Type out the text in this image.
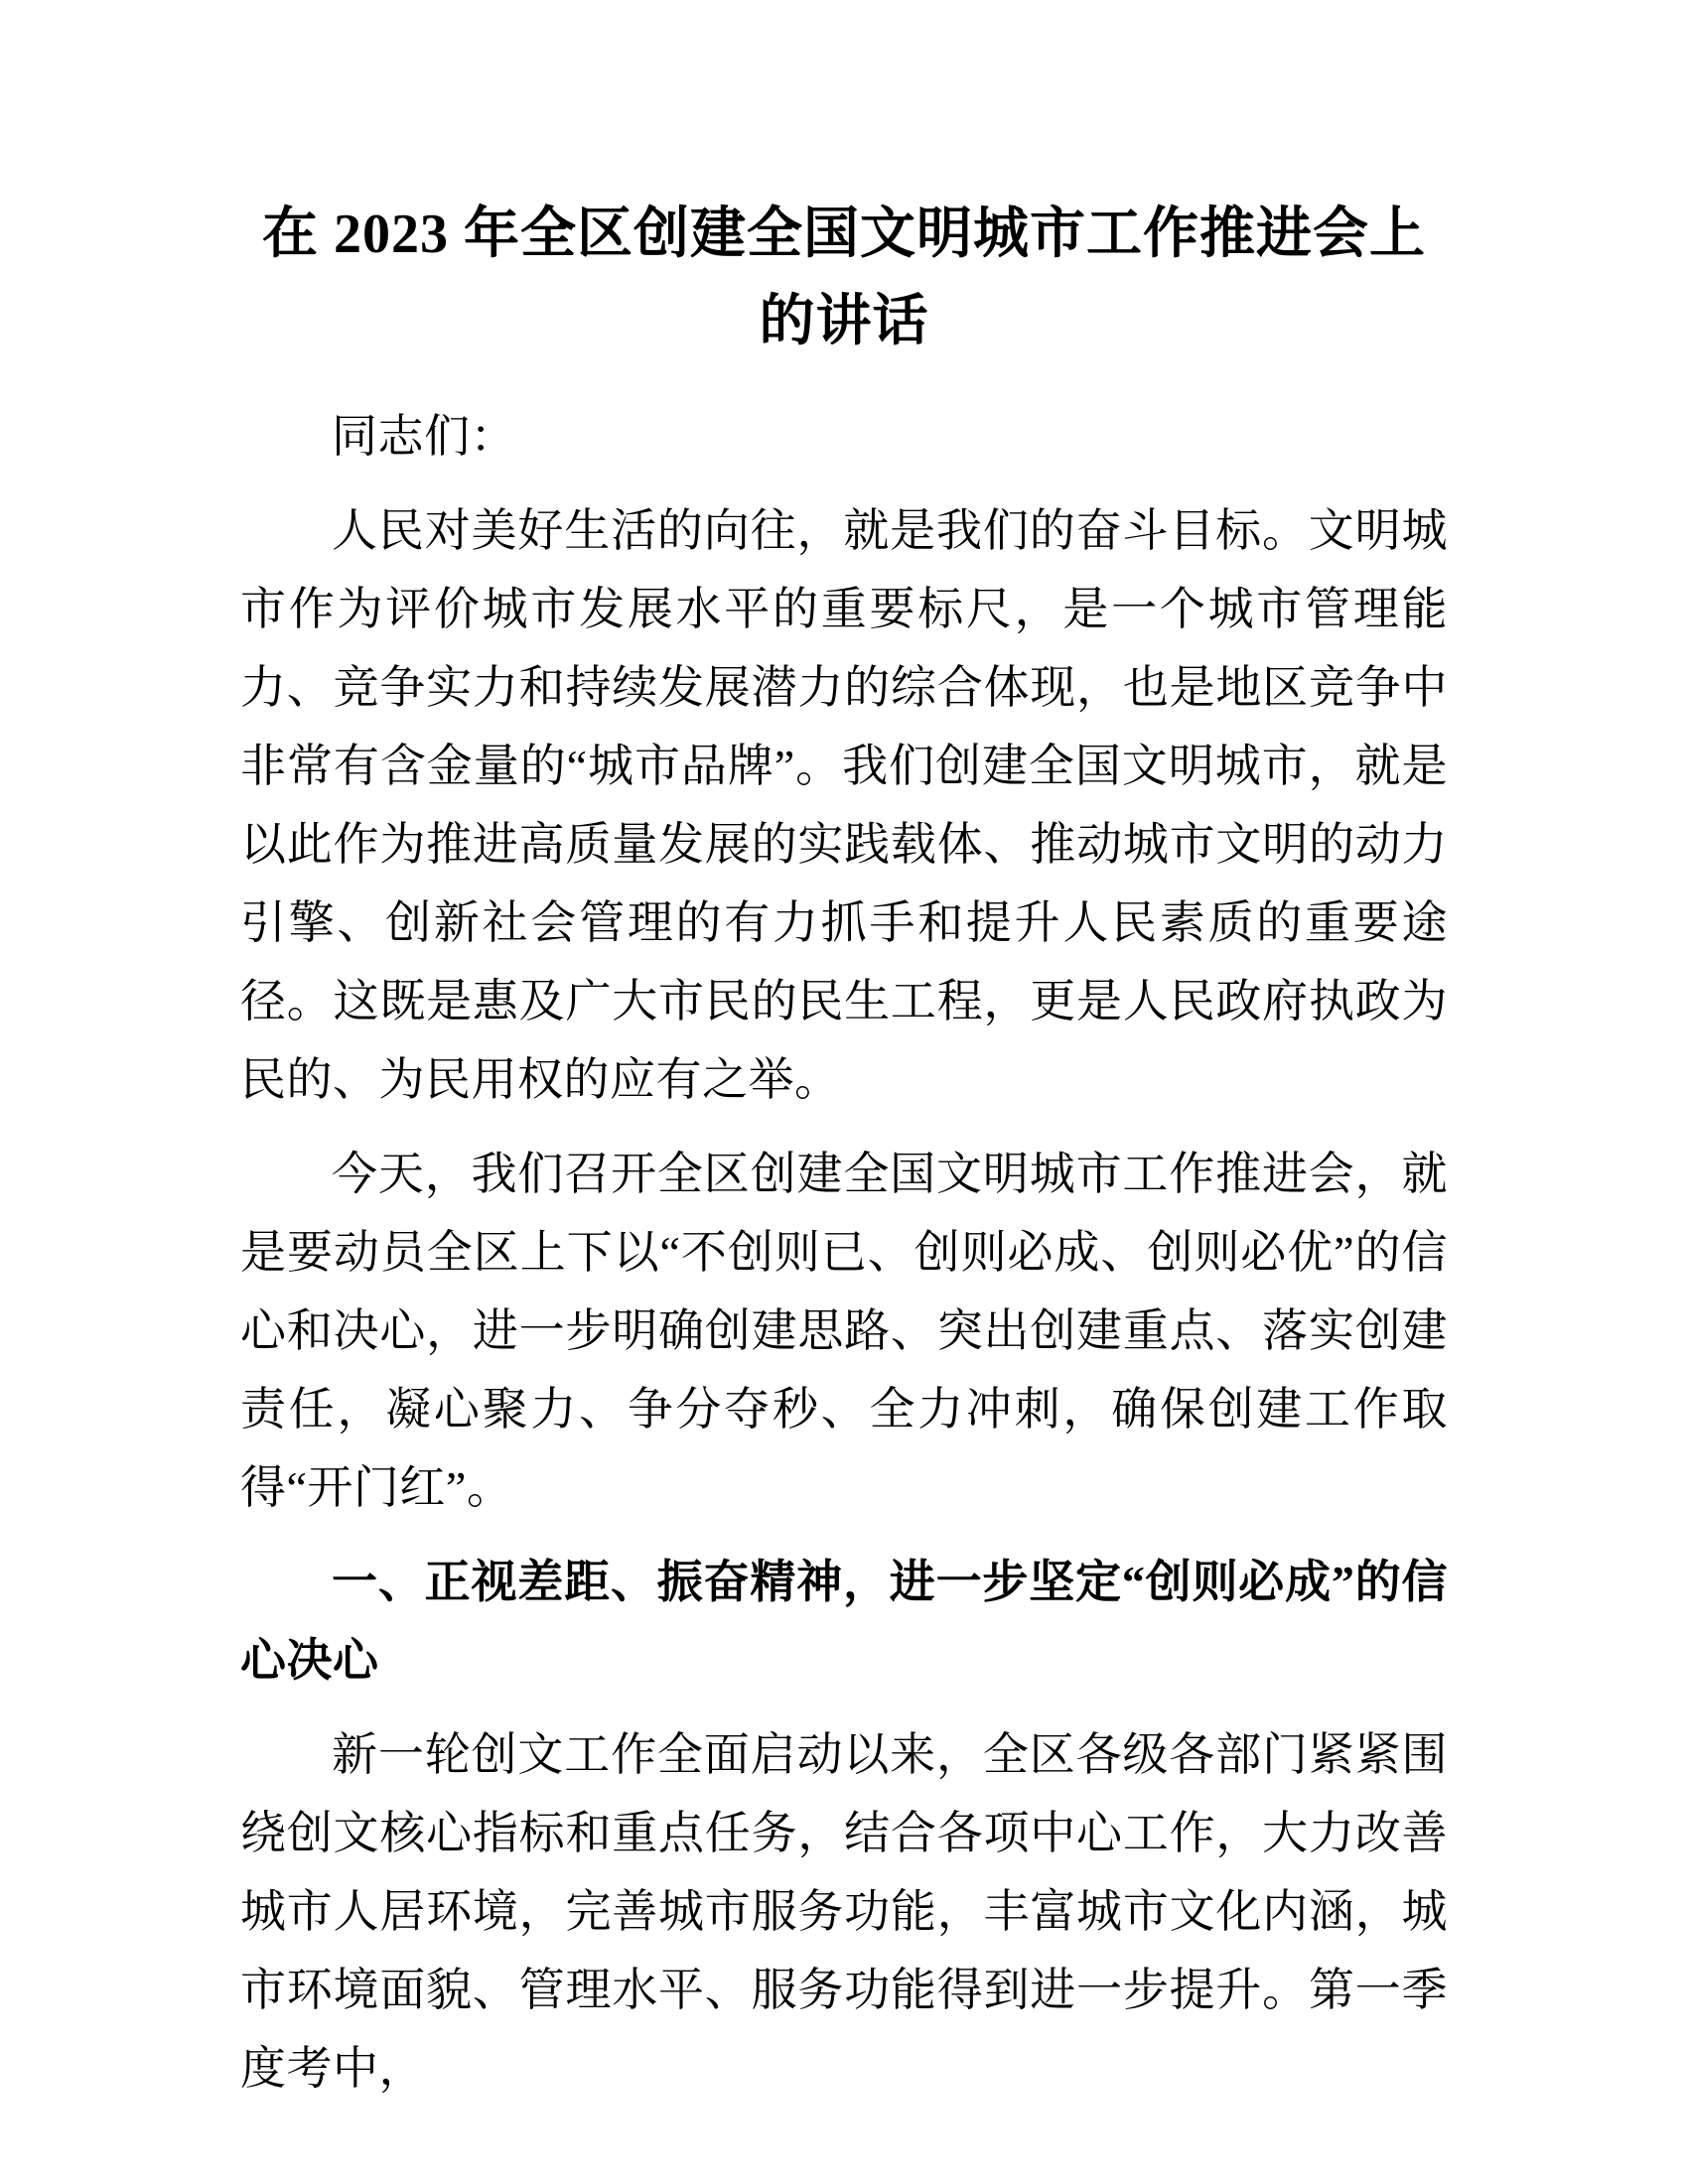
在 2023 年全区创建全国文明城市工作推进会上的讲话

同志们：

人民对美好生活的向往，就是我们的奋斗目标。文明城市作为评价城市发展水平的重要标尺，是一个城市管理能力、竞争实力和持续发展潜力的综合体现，也是地区竞争中非常有含金量的“城市品牌”。我们创建全国文明城市，就是以此作为推进高质量发展的实践载体、推动城市文明的动力引擎、创新社会管理的有力抓手和提升人民素质的重要途径。这既是惠及广大市民的民生工程，更是人民政府执政为民的、为民用权的应有之举。

今天，我们召开全区创建全国文明城市工作推进会，就是要动员全区上下以“不创则已、创则必成、创则必优”的信心和决心，进一步明确创建思路、突出创建重点、落实创建责任，凝心聚力、争分夺秒、全力冲刺，确保创建工作取得“开门红”。

一、正视差距、振奋精神，进一步坚定“创则必成”的信心决心

新一轮创文工作全面启动以来，全区各级各部门紧紧围绕创文核心指标和重点任务，结合各项中心工作，大力改善城市人居环境，完善城市服务功能，丰富城市文化内涵，城市环境面貌、管理水平、服务功能得到进一步提升。第一季度考中，
